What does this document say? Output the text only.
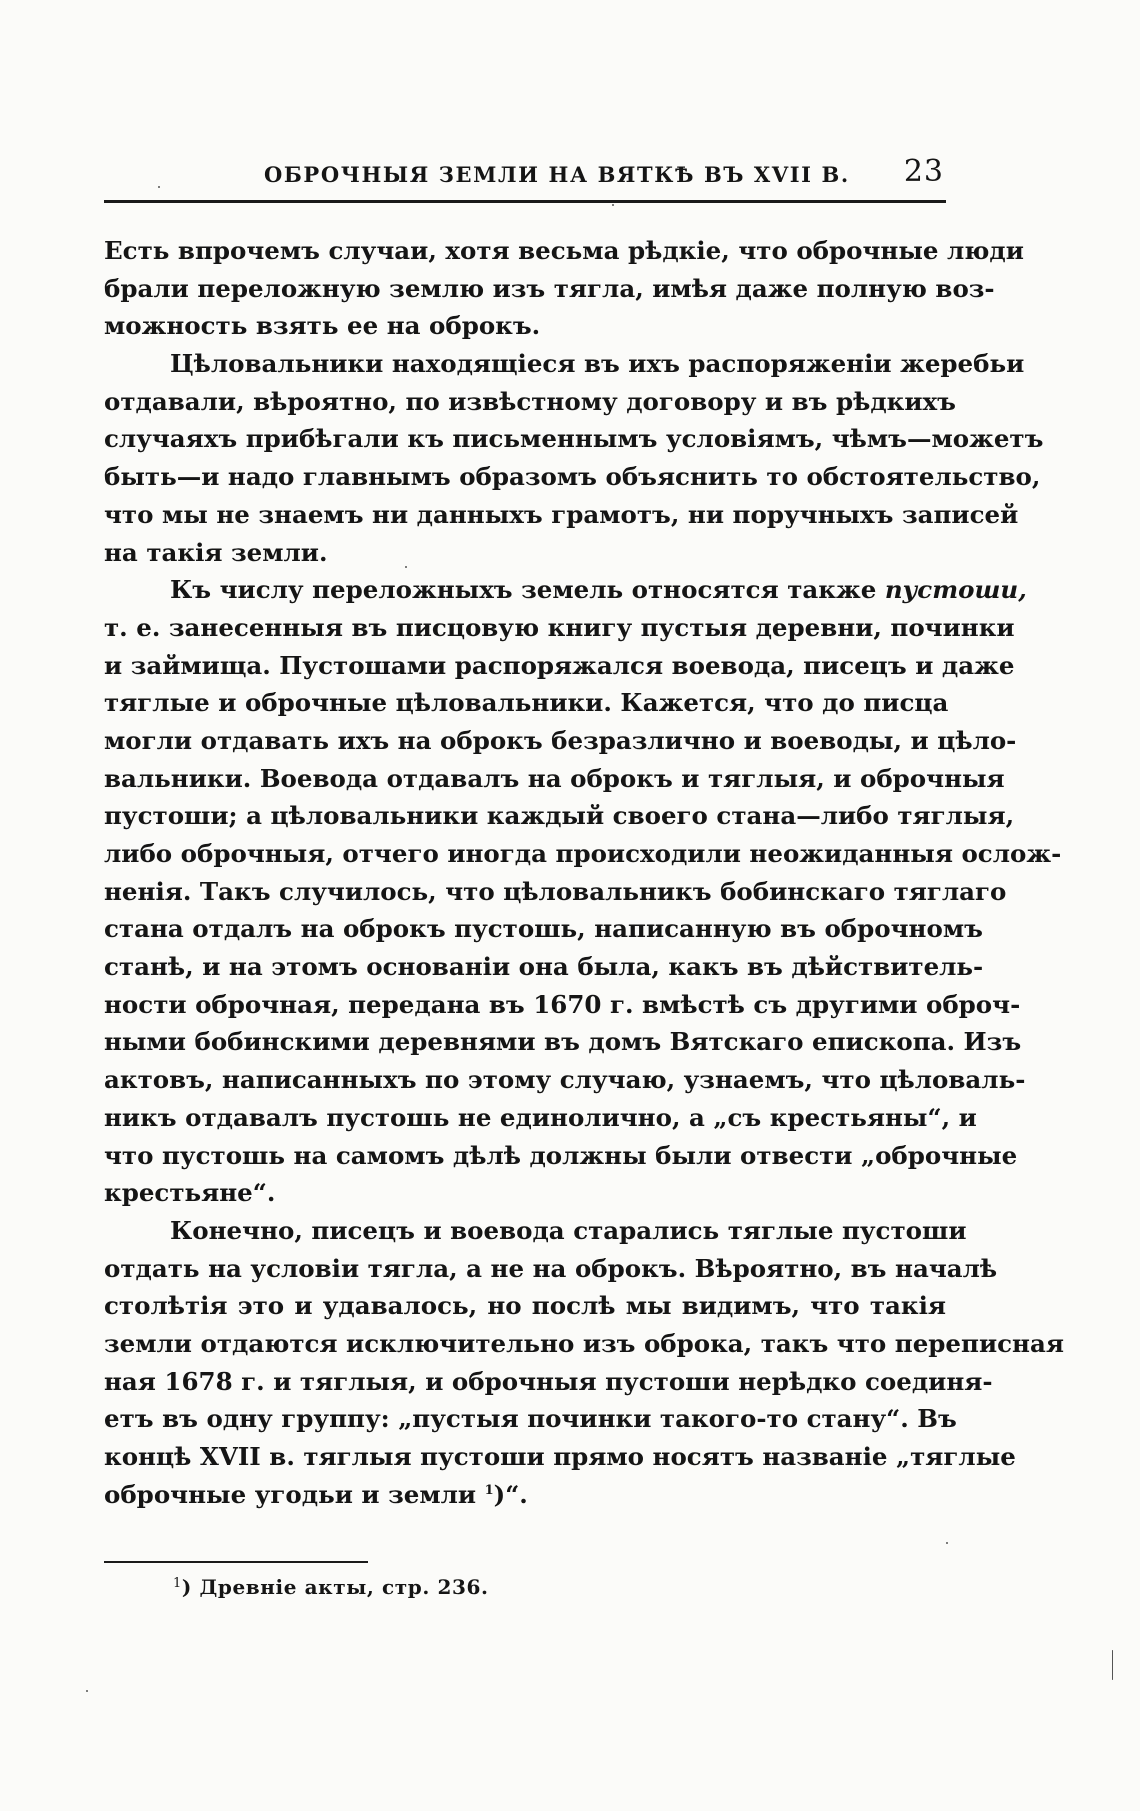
ОБРОЧНЫЯ ЗЕМЛИ НА ВЯТКѢ ВЪ XVII В. 23
Есть впрочемъ случаи, хотя весьма рѣдкіе, что оброчные люди
брали переложную землю изъ тягла, имѣя даже полную воз-
можность взять ее на оброкъ.
Цѣловальники находящіеся въ ихъ распоряженіи жеребьи
отдавали, вѣроятно, по извѣстному договору и въ рѣдкихъ
случаяхъ прибѣгали къ письменнымъ условіямъ, чѣмъ—можетъ
быть—и надо главнымъ образомъ объяснить то обстоятельство,
что мы не знаемъ ни данныхъ грамотъ, ни поручныхъ записей
на такія земли.
Къ числу переложныхъ земель относятся также пустоши,
т. е. занесенныя въ писцовую книгу пустыя деревни, починки
и займища. Пустошами распоряжался воевода, писецъ и даже
тяглые и оброчные цѣловальники. Кажется, что до писца
могли отдавать ихъ на оброкъ безразлично и воеводы, и цѣло-
вальники. Воевода отдавалъ на оброкъ и тяглыя, и оброчныя
пустоши; а цѣловальники каждый своего стана—либо тяглыя,
либо оброчныя, отчего иногда происходили неожиданныя ослож-
ненія. Такъ случилось, что цѣловальникъ бобинскаго тяглаго
стана отдалъ на оброкъ пустошь, написанную въ оброчномъ
станѣ, и на этомъ основаніи она была, какъ въ дѣйствитель-
ности оброчная, передана въ 1670 г. вмѣстѣ съ другими оброч-
ными бобинскими деревнями въ домъ Вятскаго епископа. Изъ
актовъ, написанныхъ по этому случаю, узнаемъ, что цѣловаль-
никъ отдавалъ пустошь не единолично, а „съ крестьяны“, и
что пустошь на самомъ дѣлѣ должны были отвести „оброчные
крестьяне“.
Конечно, писецъ и воевода старались тяглые пустоши
отдать на условіи тягла, а не на оброкъ. Вѣроятно, въ началѣ
столѣтія это и удавалось, но послѣ мы видимъ, что такія
земли отдаются исключительно изъ оброка, такъ что переписная
ная 1678 г. и тяглыя, и оброчныя пустоши нерѣдко соединя-
етъ въ одну группу: „пустыя починки такого-то стану“. Въ
концѣ XVII в. тяглыя пустоши прямо носятъ названіе „тяглые
оброчные угодьи и земли $^1$)“.
$^1$) Древніе акты, стр. 236.
